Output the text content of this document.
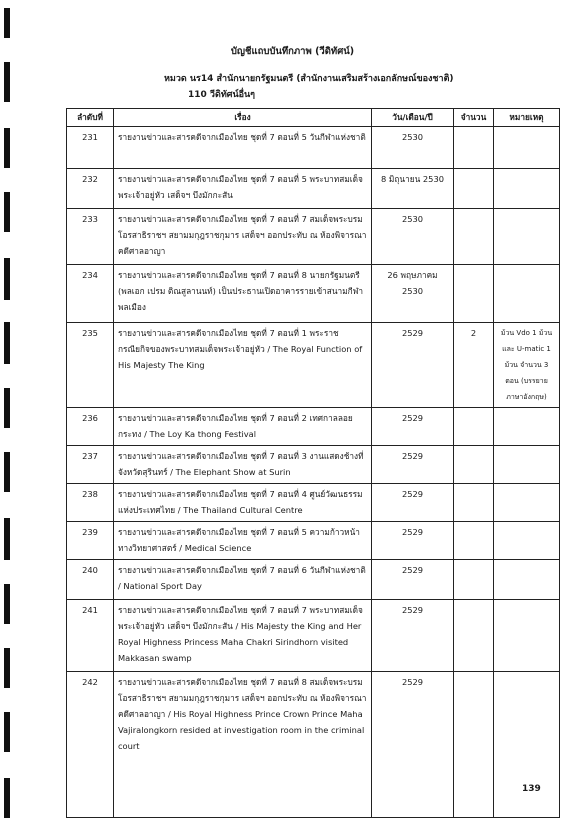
บัญชีแถบบันทึกภาพ (วีดิทัศน์)
หมวด นร14 สำนักนายกรัฐมนตรี (สำนักงานเสริมสร้างเอกลักษณ์ของชาติ)
110 วีดิทัศน์อื่นๆ
ลำดับที่	เรื่อง	วัน/เดือน/ปี	จำนวน	หมายเหตุ
231	รายงานข่าวและสารคดีจากเมืองไทย ชุดที่ 7 ตอนที่ 5 วันกีฬาแห่งชาติ	2530		
232	รายงานข่าวและสารคดีจากเมืองไทย ชุดที่ 7 ตอนที่ 5 พระบาทสมเด็จพระเจ้าอยู่หัว เสด็จฯ บึงมักกะสัน	8 มิถุนายน 2530		
233	รายงานข่าวและสารคดีจากเมืองไทย ชุดที่ 7 ตอนที่ 7 สมเด็จพระบรมโอรสาธิราชฯ สยามมกุฎราชกุมาร เสด็จฯ ออกประทับ ณ ห้องพิจารณาคดีศาลอาญา	2530		
234	รายงานข่าวและสารคดีจากเมืองไทย ชุดที่ 7 ตอนที่ 8 นายกรัฐมนตรี (พลเอก เปรม ติณสูลานนท์) เป็นประธานเปิดอาคารรายเข้าสนามกีฬาพลเมือง	26 พฤษภาคม 2530		
235	รายงานข่าวและสารคดีจากเมืองไทย ชุดที่ 7 ตอนที่ 1 พระราชกรณียกิจของพระบาทสมเด็จพระเจ้าอยู่หัว / The Royal Function of His Majesty The King	2529	2	ม้วน Vdo 1 ม้วน และ U-matic 1 ม้วน จำนวน 3 ตอน (บรรยายภาษาอังกฤษ)
236	รายงานข่าวและสารคดีจากเมืองไทย ชุดที่ 7 ตอนที่ 2 เทศกาลลอยกระทง / The Loy Ka thong Festival	2529		
237	รายงานข่าวและสารคดีจากเมืองไทย ชุดที่ 7 ตอนที่ 3 งานแสดงช้างที่จังหวัดสุรินทร์ / The Elephant Show at Surin	2529		
238	รายงานข่าวและสารคดีจากเมืองไทย ชุดที่ 7 ตอนที่ 4 ศูนย์วัฒนธรรมแห่งประเทศไทย / The Thailand Cultural Centre	2529		
239	รายงานข่าวและสารคดีจากเมืองไทย ชุดที่ 7 ตอนที่ 5 ความก้าวหน้าทางวิทยาศาสตร์ / Medical Science	2529		
240	รายงานข่าวและสารคดีจากเมืองไทย ชุดที่ 7 ตอนที่ 6 วันกีฬาแห่งชาติ / National Sport Day	2529		
241	รายงานข่าวและสารคดีจากเมืองไทย ชุดที่ 7 ตอนที่ 7 พระบาทสมเด็จพระเจ้าอยู่หัว เสด็จฯ บึงมักกะสัน / His Majesty the King and Her Royal Highness Princess Maha Chakri Sirindhorn visited Makkasan swamp	2529		
242	รายงานข่าวและสารคดีจากเมืองไทย ชุดที่ 7 ตอนที่ 8 สมเด็จพระบรมโอรสาธิราชฯ สยามมกุฎราชกุมาร เสด็จฯ ออกประทับ ณ ห้องพิจารณาคดีศาลอาญา / His Royal Highness Prince Crown Prince Maha Vajiralongkorn resided at investigation room in the criminal court	2529		
139
